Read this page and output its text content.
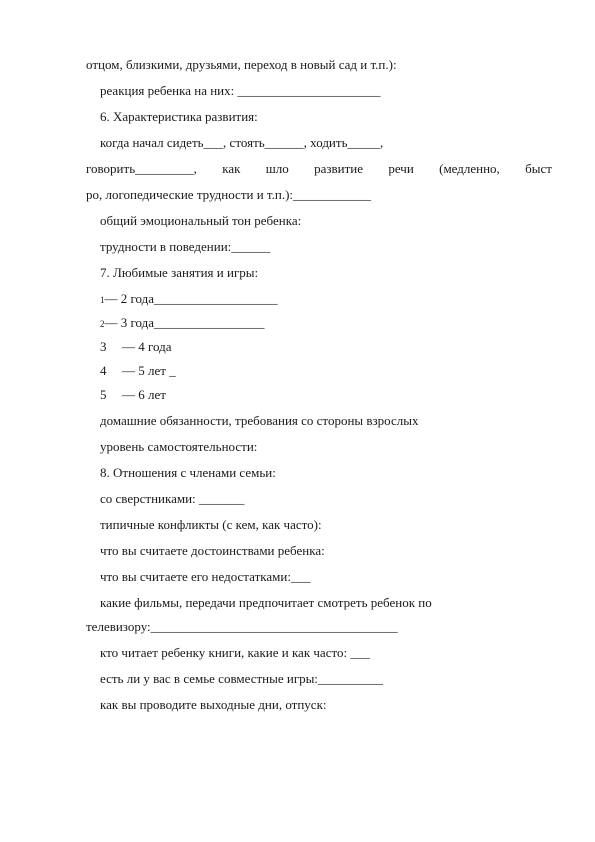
отцом, близкими, друзьями, переход в новый сад и т.п.):
реакция ребенка на них: ______________________
6. Характеристика развития:
когда начал сидеть___, стоять______, ходить_____,
говорить_________, как шло развитие речи (медленно, быст
ро, логопедические трудности и т.п.):____________
общий эмоциональный тон ребенка:
трудности в поведении:______
7. Любимые занятия и игры:
1— 2 года___________________
2— 3 года_________________
3 — 4 года
4 — 5 лет _
5 — 6 лет
домашние обязанности, требования со стороны взрослых
уровень самостоятельности:
8. Отношения с членами семьи:
со сверстниками: _______
типичные конфликты (с кем, как часто):
что вы считаете достоинствами ребенка:
что вы считаете его недостатками:___
какие фильмы, передачи предпочитает смотреть ребенок по
телевизору:______________________________________
кто читает ребенку книги, какие и как часто: ___
есть ли у вас в семье совместные игры:__________
как вы проводите выходные дни, отпуск:
